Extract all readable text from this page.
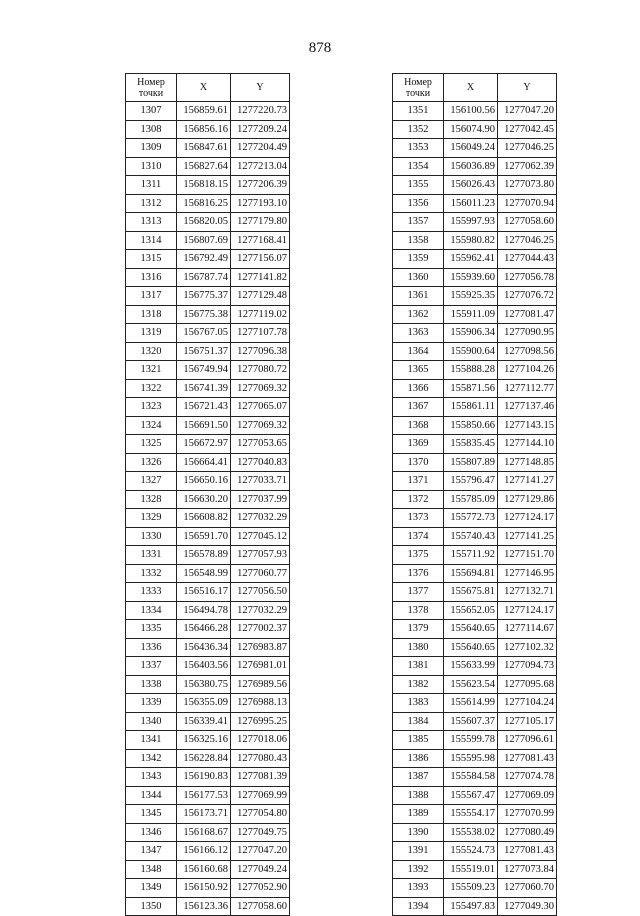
878
Номер
точки	X	Y
1307	156859.61	1277220.73
1308	156856.16	1277209.24
1309	156847.61	1277204.49
1310	156827.64	1277213.04
1311	156818.15	1277206.39
1312	156816.25	1277193.10
1313	156820.05	1277179.80
1314	156807.69	1277168.41
1315	156792.49	1277156.07
1316	156787.74	1277141.82
1317	156775.37	1277129.48
1318	156775.38	1277119.02
1319	156767.05	1277107.78
1320	156751.37	1277096.38
1321	156749.94	1277080.72
1322	156741.39	1277069.32
1323	156721.43	1277065.07
1324	156691.50	1277069.32
1325	156672.97	1277053.65
1326	156664.41	1277040.83
1327	156650.16	1277033.71
1328	156630.20	1277037.99
1329	156608.82	1277032.29
1330	156591.70	1277045.12
1331	156578.89	1277057.93
1332	156548.99	1277060.77
1333	156516.17	1277056.50
1334	156494.78	1277032.29
1335	156466.28	1277002.37
1336	156436.34	1276983.87
1337	156403.56	1276981.01
1338	156380.75	1276989.56
1339	156355.09	1276988.13
1340	156339.41	1276995.25
1341	156325.16	1277018.06
1342	156228.84	1277080.43
1343	156190.83	1277081.39
1344	156177.53	1277069.99
1345	156173.71	1277054.80
1346	156168.67	1277049.75
1347	156166.12	1277047.20
1348	156160.68	1277049.24
1349	156150.92	1277052.90
1350	156123.36	1277058.60
Номер
точки	X	Y
1351	156100.56	1277047.20
1352	156074.90	1277042.45
1353	156049.24	1277046.25
1354	156036.89	1277062.39
1355	156026.43	1277073.80
1356	156011.23	1277070.94
1357	155997.93	1277058.60
1358	155980.82	1277046.25
1359	155962.41	1277044.43
1360	155939.60	1277056.78
1361	155925.35	1277076.72
1362	155911.09	1277081.47
1363	155906.34	1277090.95
1364	155900.64	1277098.56
1365	155888.28	1277104.26
1366	155871.56	1277112.77
1367	155861.11	1277137.46
1368	155850.66	1277143.15
1369	155835.45	1277144.10
1370	155807.89	1277148.85
1371	155796.47	1277141.27
1372	155785.09	1277129.86
1373	155772.73	1277124.17
1374	155740.43	1277141.25
1375	155711.92	1277151.70
1376	155694.81	1277146.95
1377	155675.81	1277132.71
1378	155652.05	1277124.17
1379	155640.65	1277114.67
1380	155640.65	1277102.32
1381	155633.99	1277094.73
1382	155623.54	1277095.68
1383	155614.99	1277104.24
1384	155607.37	1277105.17
1385	155599.78	1277096.61
1386	155595.98	1277081.43
1387	155584.58	1277074.78
1388	155567.47	1277069.09
1389	155554.17	1277070.99
1390	155538.02	1277080.49
1391	155524.73	1277081.43
1392	155519.01	1277073.84
1393	155509.23	1277060.70
1394	155497.83	1277049.30
